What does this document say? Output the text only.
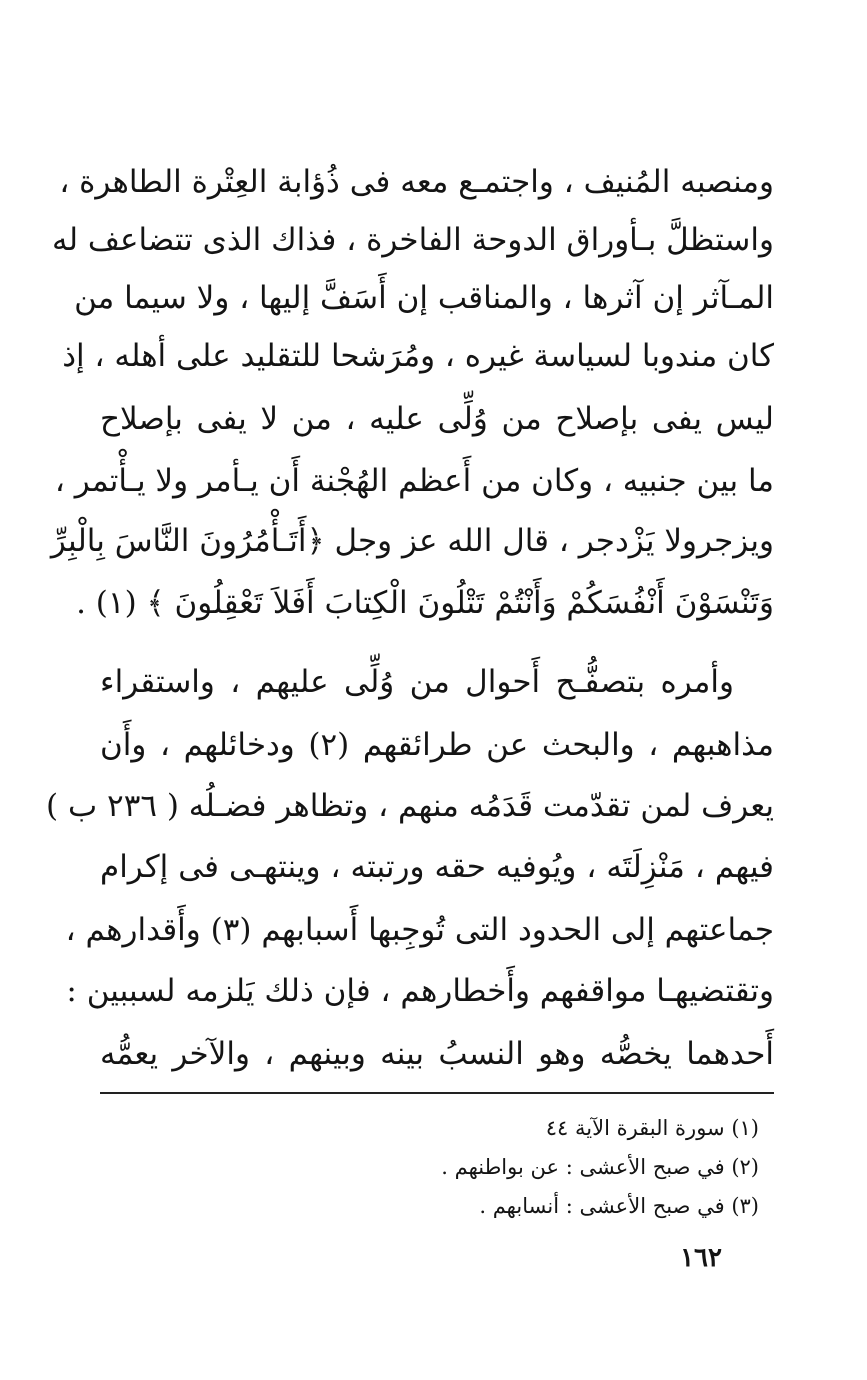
ومنصبه المُنيف ، واجتمـع معه فى ذُؤابة العِتْرة الطاهرة ،
واستظلَّ بـأوراق الدوحة الفاخرة ، فذاك الذى تتضاعف له
المـآثر إن آثرها ، والمناقب إن أَسَفَّ إليها ، ولا سيما من
كان مندوبا لسياسة غيره ، ومُرَشحا للتقليد على أهله ، إذ
ليس يفى بإصلاح من وُلِّى عليه ، من لا يفى بإصلاح
ما بين جنبيه ، وكان من أَعظم الهُجْنة أَن يـأمر ولا يـأْتمر ،
ويزجرولا يَزْدجر ، قال الله عز وجل ﴿أَتَـأْمُرُونَ النَّاسَ بِالْبِرِّ
وَتَنْسَوْنَ أَنْفُسَكُمْ وَأَنْتُمْ تَتْلُونَ الْكِتابَ أَفَلاَ تَعْقِلُونَ ﴾ (١) .
وأمره بتصفُّـح أَحوال من وُلِّى عليهم ، واستقراء
مذاهبهم ، والبحث عن طرائقهم (٢) ودخائلهم ، وأَن
يعرف لمن تقدّمت قَدَمُه منهم ، وتظاهر فضـلُه ( ٢٣٦ ب )
فيهم ، مَنْزِلَتَه ، ويُوفيه حقه ورتبته ، وينتهـى فى إكرام
جماعتهم إلى الحدود التى تُوجِبها أَسبابهم (٣) وأَقدارهم ،
وتقتضيهـا مواقفهم وأَخطارهم ، فإن ذلك يَلزمه لسببين :
أَحدهما يخصُّه وهو النسبُ بينه وبينهم ، والآخر يعمُّه
(١) سورة البقرة الآية ٤٤
(٢) في صبح الأعشى : عن بواطنهم .
(٣) في صبح الأعشى : أنسابهم .
١٦٢
